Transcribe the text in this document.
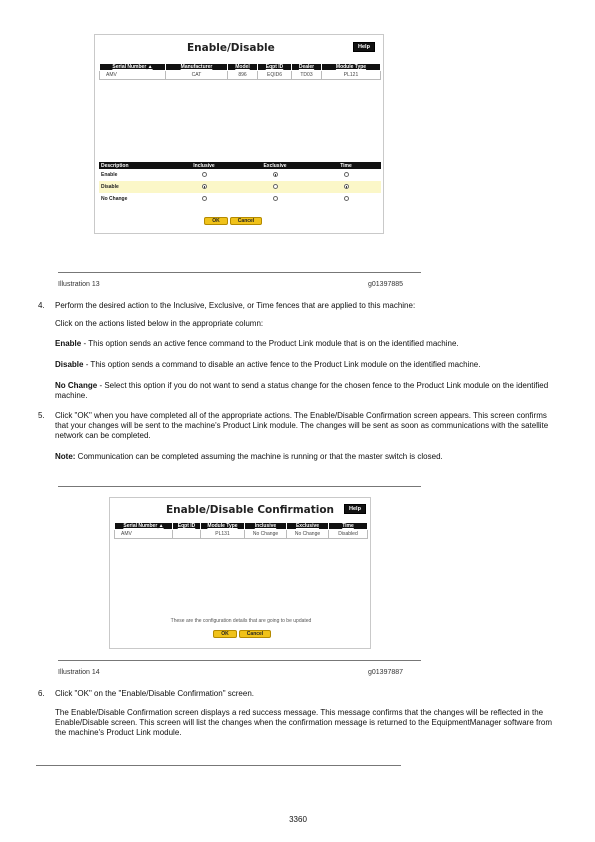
Enable/Disable	Help
Serial Number ▲	Manufacturer	Model	Eqpt ID	Dealer	Module Type
AMV	CAT	896	EQID6	TD03	PL121
Description	Inclusive	Exclusive	Time
Enable			
Disable			
No Change			
OK	Cancel
Illustration 13	g01397885
4. Perform the desired action to the Inclusive, Exclusive, or Time fences that are applied to this machine:
Click on the actions listed below in the appropriate column:
Enable - This option sends an active fence command to the Product Link module that is on the identified machine.
Disable - This option sends a command to disable an active fence to the Product Link module on the identified machine.
No Change - Select this option if you do not want to send a status change for the chosen fence to the Product Link module on the identified machine.
5. Click "OK" when you have completed all of the appropriate actions. The Enable/Disable Confirmation screen appears. This screen confirms that your changes will be sent to the machine's Product Link module. The changes will be sent as soon as communications with the satellite network can be completed.
Note: Communication can be completed assuming the machine is running or that the master switch is closed.
Enable/Disable Confirmation	Help
Serial Number ▲	Eqpt ID	Module Type	Inclusive	Exclusive	Time
AMV		PL131	No Change	No Change	Disabled
These are the configuration details that are going to be updated
OK	Cancel
Illustration 14	g01397887
6. Click "OK" on the "Enable/Disable Confirmation" screen.
The Enable/Disable Confirmation screen displays a red success message. This message confirms that the changes will be reflected in the Enable/Disable screen. This screen will list the changes when the confirmation message is returned to the EquipmentManager software from the machine's Product Link module.
3360
